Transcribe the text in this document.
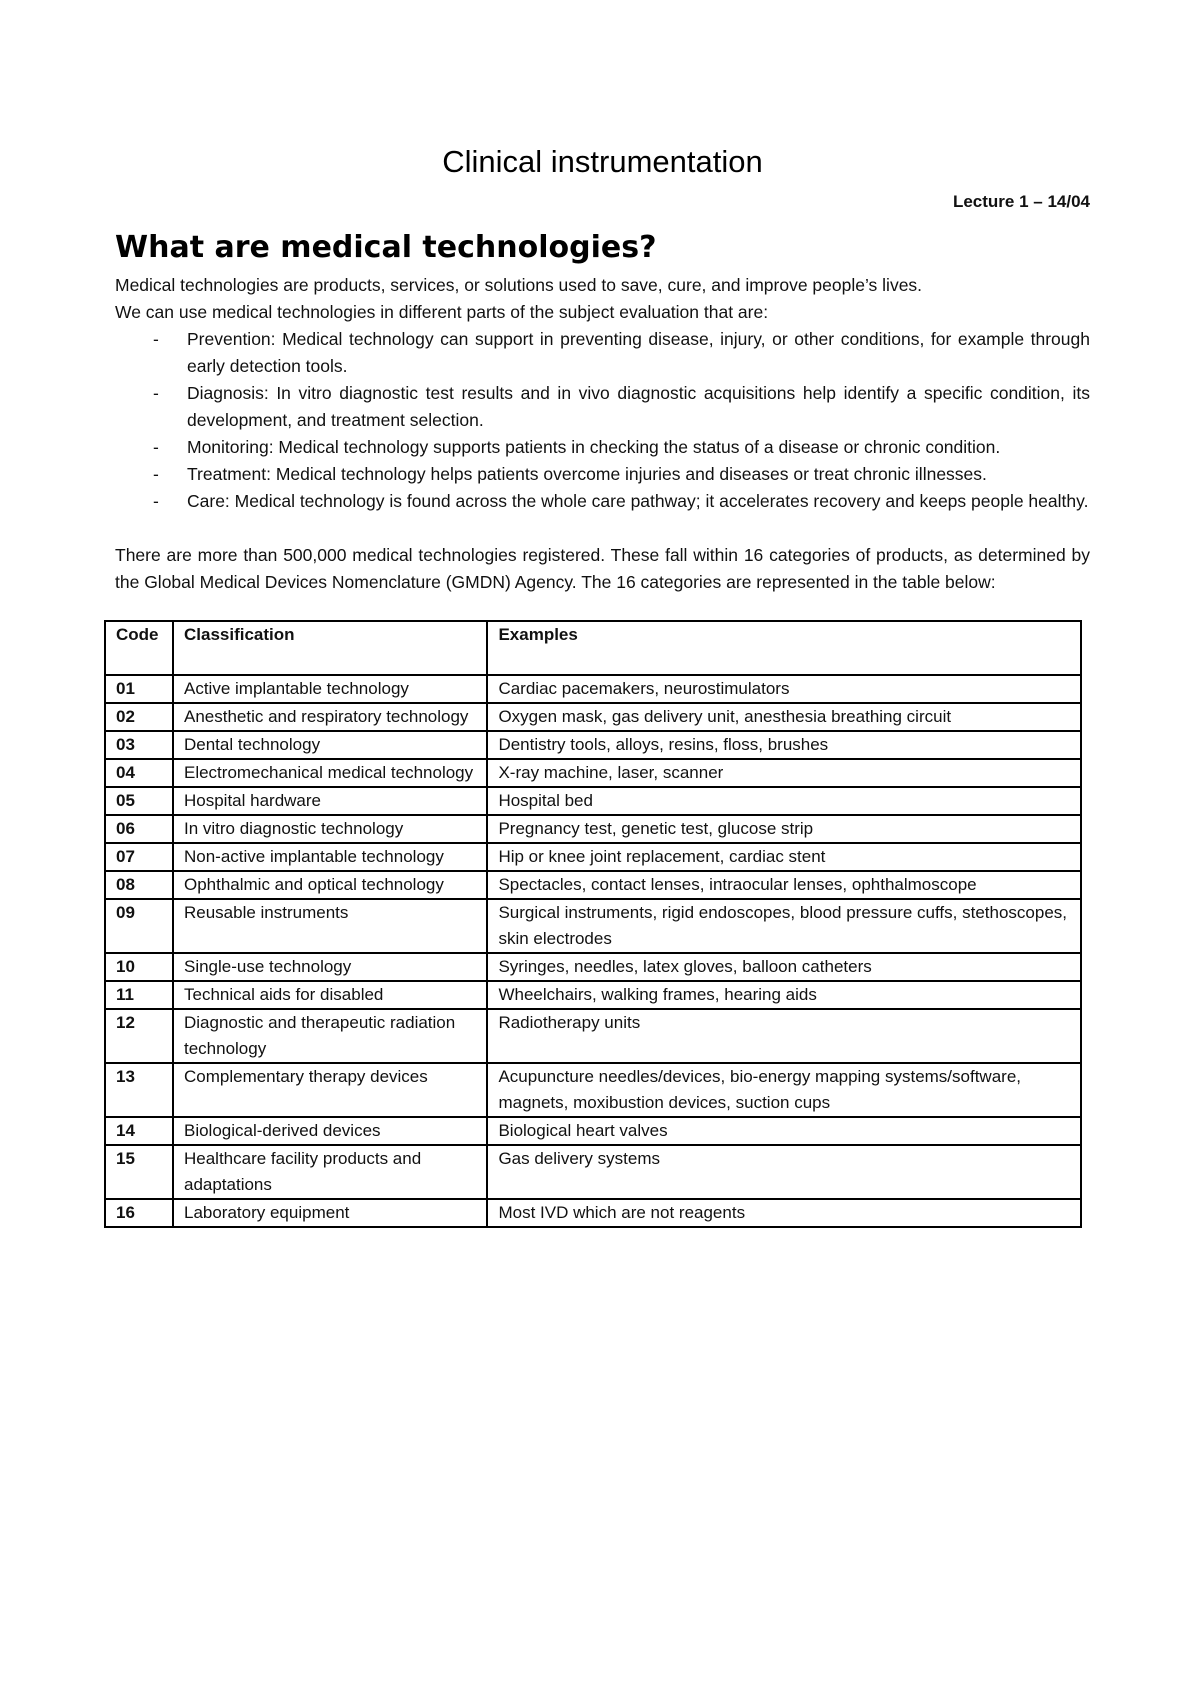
Clinical instrumentation
Lecture 1 – 14/04
What are medical technologies?

Medical technologies are products, services, or solutions used to save, cure, and improve people’s lives.

We can use medical technologies in different parts of the subject evaluation that are:

- Prevention: Medical technology can support in preventing disease, injury, or other conditions, for example through early detection tools.
- Diagnosis: In vitro diagnostic test results and in vivo diagnostic acquisitions help identify a specific condition, its development, and treatment selection.
- Monitoring: Medical technology supports patients in checking the status of a disease or chronic condition.
- Treatment: Medical technology helps patients overcome injuries and diseases or treat chronic illnesses.
- Care: Medical technology is found across the whole care pathway; it accelerates recovery and keeps people healthy.

There are more than 500,000 medical technologies registered. These fall within 16 categories of products, as determined by the Global Medical Devices Nomenclature (GMDN) Agency. The 16 categories are represented in the table below:

Code	Classification	Examples
01	Active implantable technology	Cardiac pacemakers, neurostimulators
02	Anesthetic and respiratory technology	Oxygen mask, gas delivery unit, anesthesia breathing circuit
03	Dental technology	Dentistry tools, alloys, resins, floss, brushes
04	Electromechanical medical technology	X-ray machine, laser, scanner
05	Hospital hardware	Hospital bed
06	In vitro diagnostic technology	Pregnancy test, genetic test, glucose strip
07	Non-active implantable technology	Hip or knee joint replacement, cardiac stent
08	Ophthalmic and optical technology	Spectacles, contact lenses, intraocular lenses, ophthalmoscope
09	Reusable instruments	Surgical instruments, rigid endoscopes, blood pressure cuffs, stethoscopes, skin electrodes
10	Single-use technology	Syringes, needles, latex gloves, balloon catheters
11	Technical aids for disabled	Wheelchairs, walking frames, hearing aids
12	Diagnostic and therapeutic radiation technology	Radiotherapy units
13	Complementary therapy devices	Acupuncture needles/devices, bio-energy mapping systems/software, magnets, moxibustion devices, suction cups
14	Biological-derived devices	Biological heart valves
15	Healthcare facility products and adaptations	Gas delivery systems
16	Laboratory equipment	Most IVD which are not reagents
